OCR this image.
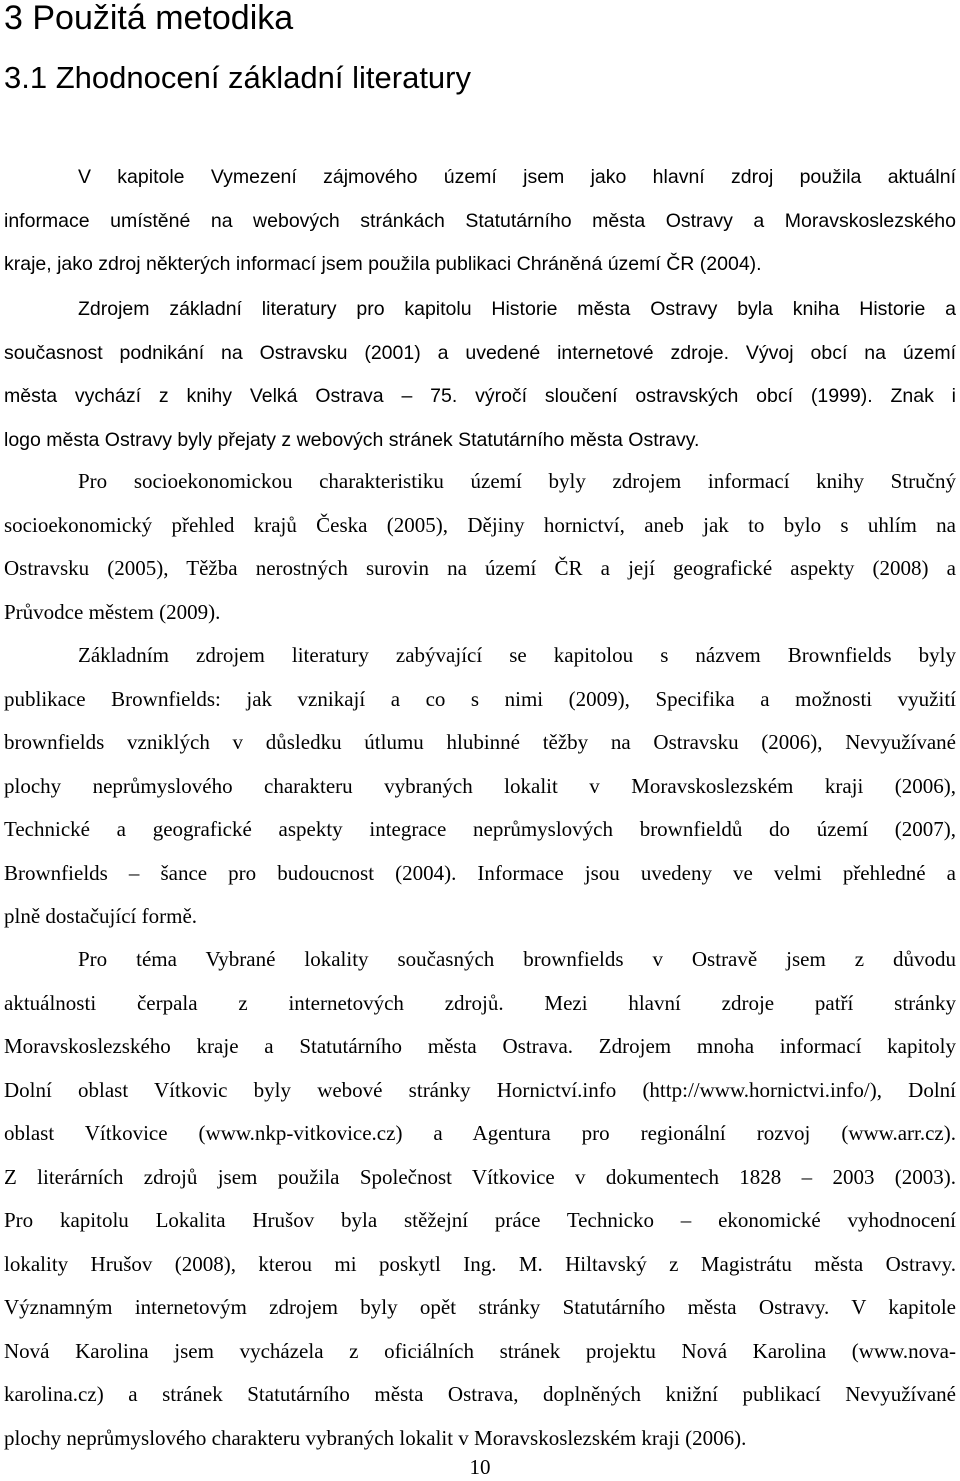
3 Použitá metodika
3.1 Zhodnocení základní literatury
V kapitole Vymezení zájmového území jsem jako hlavní zdroj použila aktuální
informace umístěné na webových stránkách Statutárního města Ostravy a Moravskoslezského
kraje, jako zdroj některých informací jsem použila publikaci Chráněná území ČR (2004).
Zdrojem základní literatury pro kapitolu Historie města Ostravy byla kniha Historie a
současnost podnikání na Ostravsku (2001) a uvedené internetové zdroje. Vývoj obcí na území
města vychází z knihy Velká Ostrava – 75. výročí sloučení ostravských obcí (1999). Znak i
logo města Ostravy byly přejaty z webových stránek Statutárního města Ostravy.
Pro socioekonomickou charakteristiku území byly zdrojem informací knihy Stručný
socioekonomický přehled krajů Česka (2005), Dějiny hornictví, aneb jak to bylo s uhlím na
Ostravsku (2005), Těžba nerostných surovin na území ČR a její geografické aspekty (2008) a
Průvodce městem (2009).
Základním zdrojem literatury zabývající se kapitolou s názvem Brownfields byly
publikace Brownfields: jak vznikají a co s nimi (2009), Specifika a možnosti využití
brownfields vzniklých v důsledku útlumu hlubinné těžby na Ostravsku (2006), Nevyužívané
plochy neprůmyslového charakteru vybraných lokalit v Moravskoslezském kraji (2006),
Technické a geografické aspekty integrace neprůmyslových brownfieldů do území (2007),
Brownfields – šance pro budoucnost (2004). Informace jsou uvedeny ve velmi přehledné a
plně dostačující formě.
Pro téma Vybrané lokality současných brownfields v Ostravě jsem z důvodu
aktuálnosti čerpala z internetových zdrojů. Mezi hlavní zdroje patří stránky
Moravskoslezského kraje a Statutárního města Ostrava. Zdrojem mnoha informací kapitoly
Dolní oblast Vítkovic byly webové stránky Hornictví.info (http://www.hornictvi.info/), Dolní
oblast Vítkovice (www.nkp-vitkovice.cz) a Agentura pro regionální rozvoj (www.arr.cz).
Z literárních zdrojů jsem použila Společnost Vítkovice v dokumentech 1828 – 2003 (2003).
Pro kapitolu Lokalita Hrušov byla stěžejní práce Technicko – ekonomické vyhodnocení
lokality Hrušov (2008), kterou mi poskytl Ing. M. Hiltavský z Magistrátu města Ostravy.
Významným internetovým zdrojem byly opět stránky Statutárního města Ostravy. V kapitole
Nová Karolina jsem vycházela z oficiálních stránek projektu Nová Karolina (www.nova-
karolina.cz) a stránek Statutárního města Ostrava, doplněných knižní publikací Nevyužívané
plochy neprůmyslového charakteru vybraných lokalit v Moravskoslezském kraji (2006).
10
